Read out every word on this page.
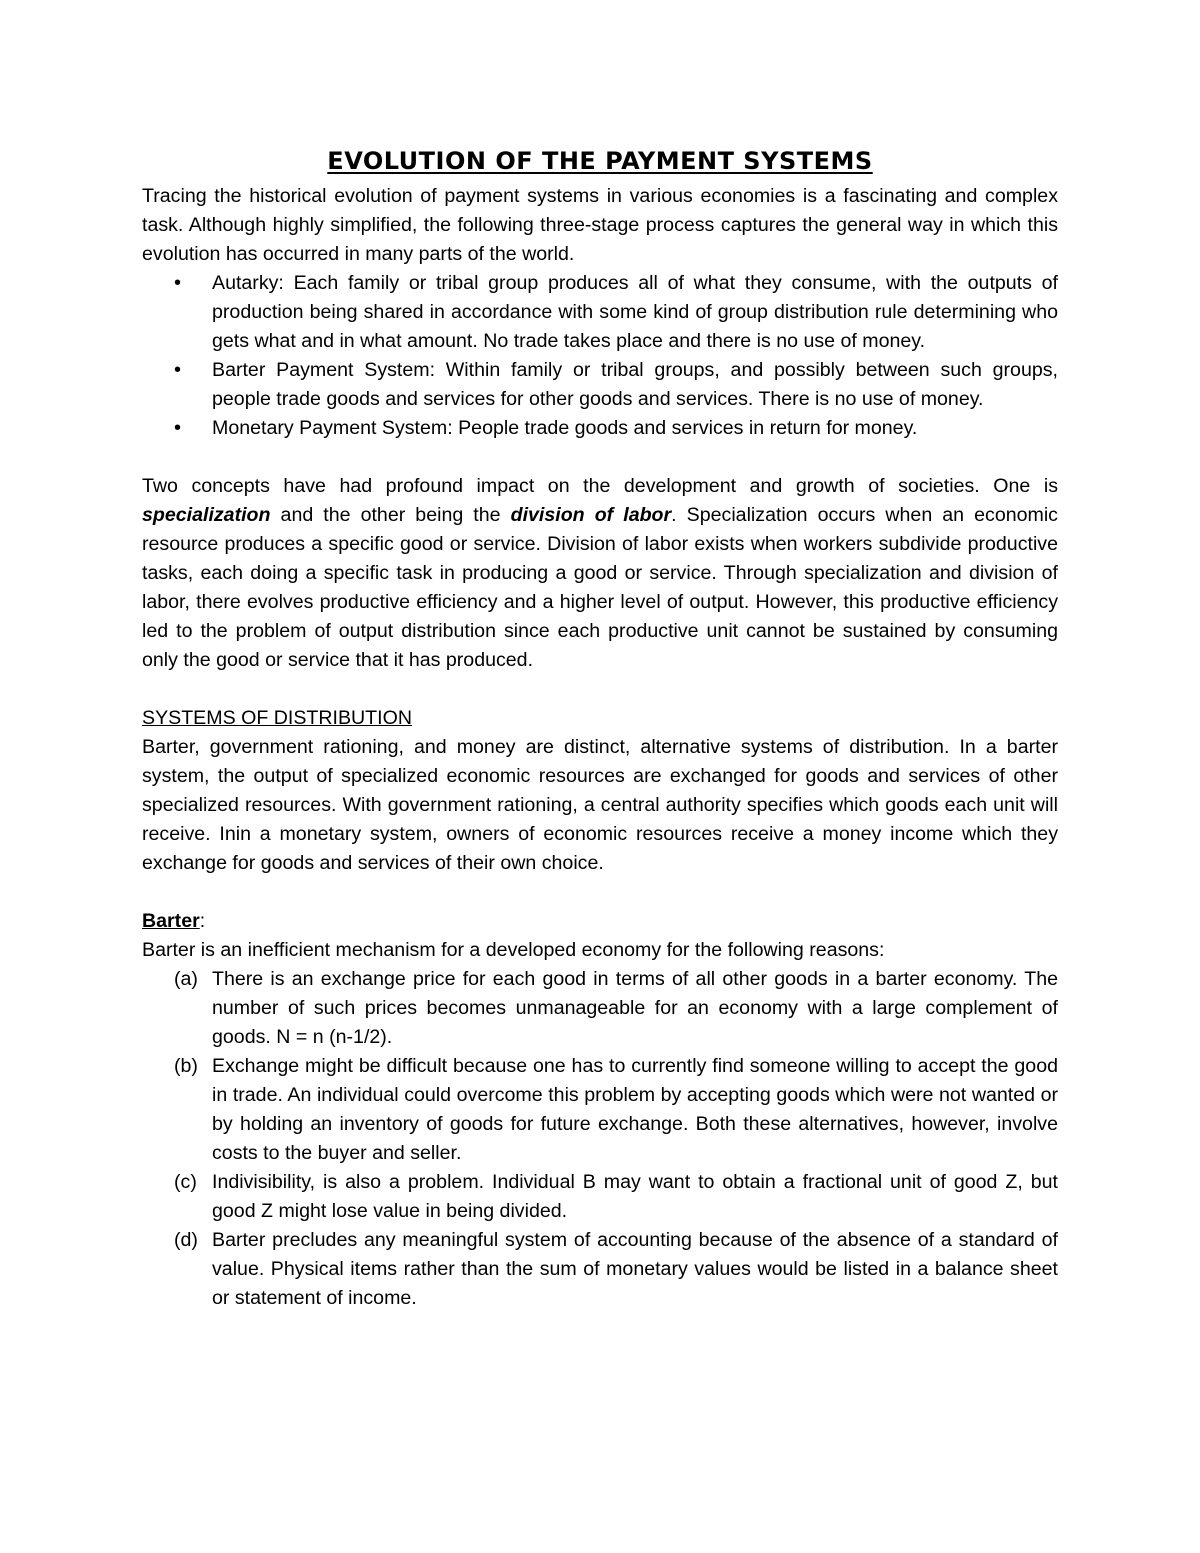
EVOLUTION OF THE PAYMENT SYSTEMS

Tracing the historical evolution of payment systems in various economies is a fascinating and complex task. Although highly simplified, the following three-stage process captures the general way in which this evolution has occurred in many parts of the world.

• Autarky: Each family or tribal group produces all of what they consume, with the outputs of production being shared in accordance with some kind of group distribution rule determining who gets what and in what amount. No trade takes place and there is no use of money.
• Barter Payment System: Within family or tribal groups, and possibly between such groups, people trade goods and services for other goods and services. There is no use of money.
• Monetary Payment System: People trade goods and services in return for money.

Two concepts have had profound impact on the development and growth of societies. One is specialization and the other being the division of labor. Specialization occurs when an economic resource produces a specific good or service. Division of labor exists when workers subdivide productive tasks, each doing a specific task in producing a good or service. Through specialization and division of labor, there evolves productive efficiency and a higher level of output. However, this productive efficiency led to the problem of output distribution since each productive unit cannot be sustained by consuming only the good or service that it has produced.

SYSTEMS OF DISTRIBUTION

Barter, government rationing, and money are distinct, alternative systems of distribution. In a barter system, the output of specialized economic resources are exchanged for goods and services of other specialized resources. With government rationing, a central authority specifies which goods each unit will receive. Inin a monetary system, owners of economic resources receive a money income which they exchange for goods and services of their own choice.

Barter:

Barter is an inefficient mechanism for a developed economy for the following reasons:

(a) There is an exchange price for each good in terms of all other goods in a barter economy. The number of such prices becomes unmanageable for an economy with a large complement of goods. N = n (n-1/2).
(b) Exchange might be difficult because one has to currently find someone willing to accept the good in trade. An individual could overcome this problem by accepting goods which were not wanted or by holding an inventory of goods for future exchange. Both these alternatives, however, involve costs to the buyer and seller.
(c) Indivisibility, is also a problem. Individual B may want to obtain a fractional unit of good Z, but good Z might lose value in being divided.
(d) Barter precludes any meaningful system of accounting because of the absence of a standard of value. Physical items rather than the sum of monetary values would be listed in a balance sheet or statement of income.
